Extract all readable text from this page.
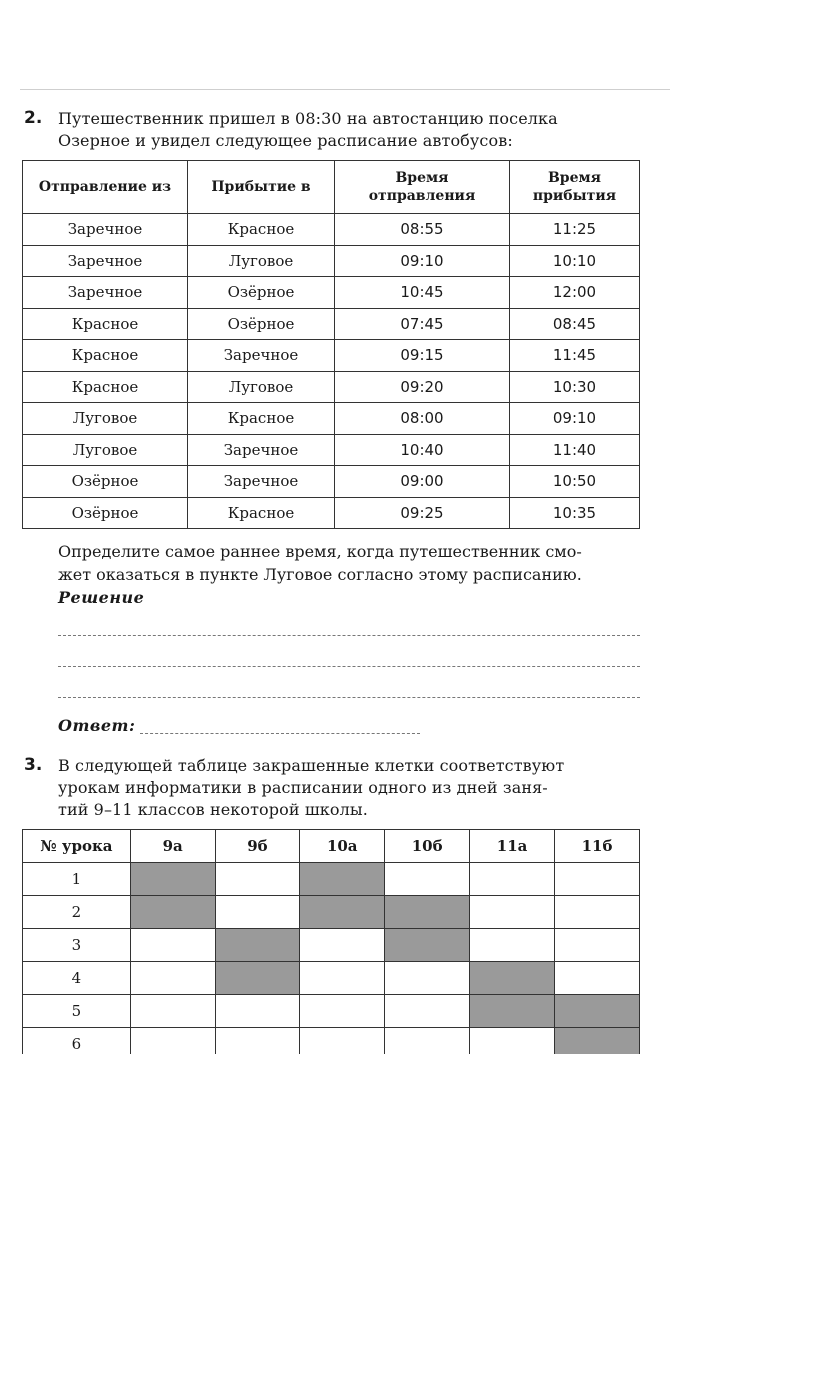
2. Путешественник пришел в 08:30 на автостанцию поселка
Озерное и увидел следующее расписание автобусов:
Отправление из	Прибытие в	Время отправления	Время прибытия
Заречное	Красное	08:55	11:25
Заречное	Луговое	09:10	10:10
Заречное	Озёрное	10:45	12:00
Красное	Озёрное	07:45	08:45
Красное	Заречное	09:15	11:45
Красное	Луговое	09:20	10:30
Луговое	Красное	08:00	09:10
Луговое	Заречное	10:40	11:40
Озёрное	Заречное	09:00	10:50
Озёрное	Красное	09:25	10:35
Определите самое раннее время, когда путешественник смо-
жет оказаться в пункте Луговое согласно этому расписанию.
Решение
Ответ:
3. В следующей таблице закрашенные клетки соответствуют
урокам информатики в расписании одного из дней заня-
тий 9–11 классов некоторой школы.
№ урока	9а	9б	10а	10б	11а	11б
1						
2						
3						
4						
5						
6						
